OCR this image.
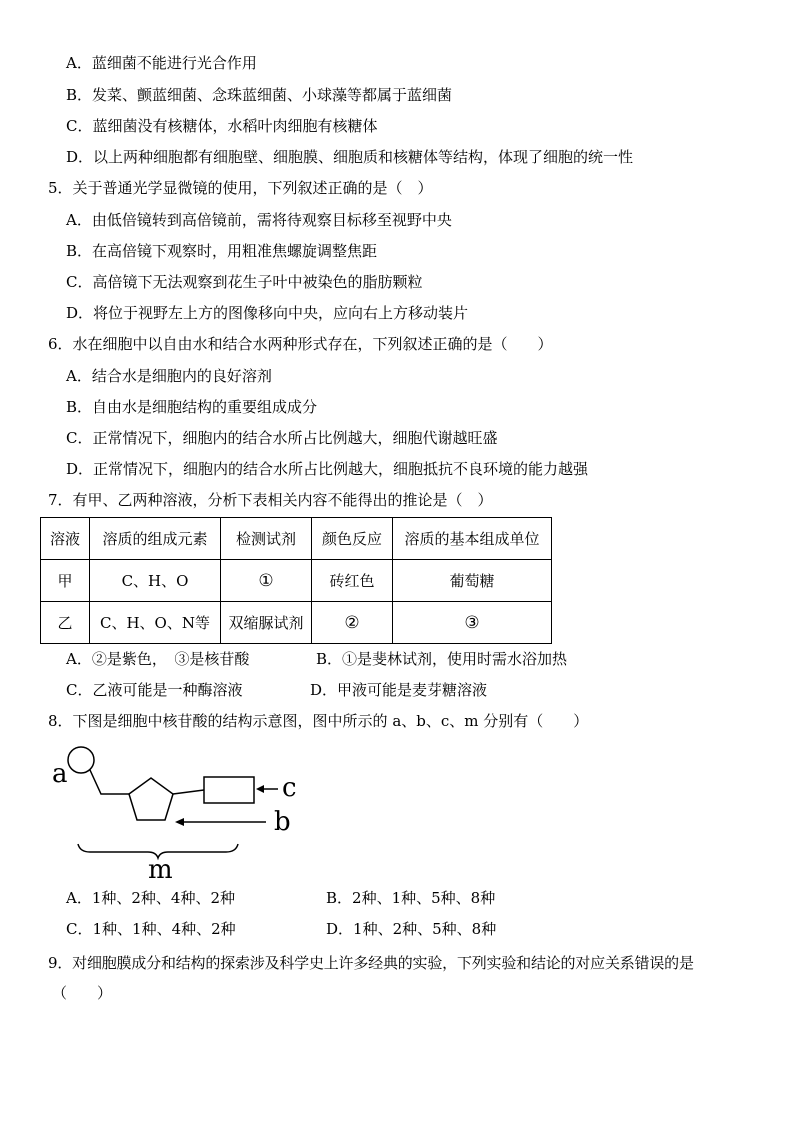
A．蓝细菌不能进行光合作用
B．发菜、颤蓝细菌、念珠蓝细菌、小球藻等都属于蓝细菌
C．蓝细菌没有核糖体，水稻叶肉细胞有核糖体
D．以上两种细胞都有细胞壁、细胞膜、细胞质和核糖体等结构，体现了细胞的统一性
5．关于普通光学显微镜的使用，下列叙述正确的是（　）
A．由低倍镜转到高倍镜前，需将待观察目标移至视野中央
B．在高倍镜下观察时，用粗准焦螺旋调整焦距
C．高倍镜下无法观察到花生子叶中被染色的脂肪颗粒
D．将位于视野左上方的图像移向中央，应向右上方移动装片
6．水在细胞中以自由水和结合水两种形式存在，下列叙述正确的是（　　）
A．结合水是细胞内的良好溶剂
B．自由水是细胞结构的重要组成成分
C．正常情况下，细胞内的结合水所占比例越大，细胞代谢越旺盛
D．正常情况下，细胞内的结合水所占比例越大，细胞抵抗不良环境的能力越强
7．有甲、乙两种溶液，分析下表相关内容不能得出的推论是（　）
溶液	溶质的组成元素	检测试剂	颜色反应	溶质的基本组成单位
甲	C、H、O	①	砖红色	葡萄糖
乙	C、H、O、N等	双缩脲试剂	②	③
A．②是紫色，　③是核苷酸	B．①是斐林试剂，使用时需水浴加热
C．乙液可能是一种酶溶液	D．甲液可能是麦芽糖溶液
8．下图是细胞中核苷酸的结构示意图，图中所示的 a、b、c、m 分别有（　　）
a	c
b
m
A．1种、2种、4种、2种	B．2种、1种、5种、8种
C．1种、1种、4种、2种	D．1种、2种、5种、8种
9．对细胞膜成分和结构的探索涉及科学史上许多经典的实验，下列实验和结论的对应关系错误的是
（　　）
